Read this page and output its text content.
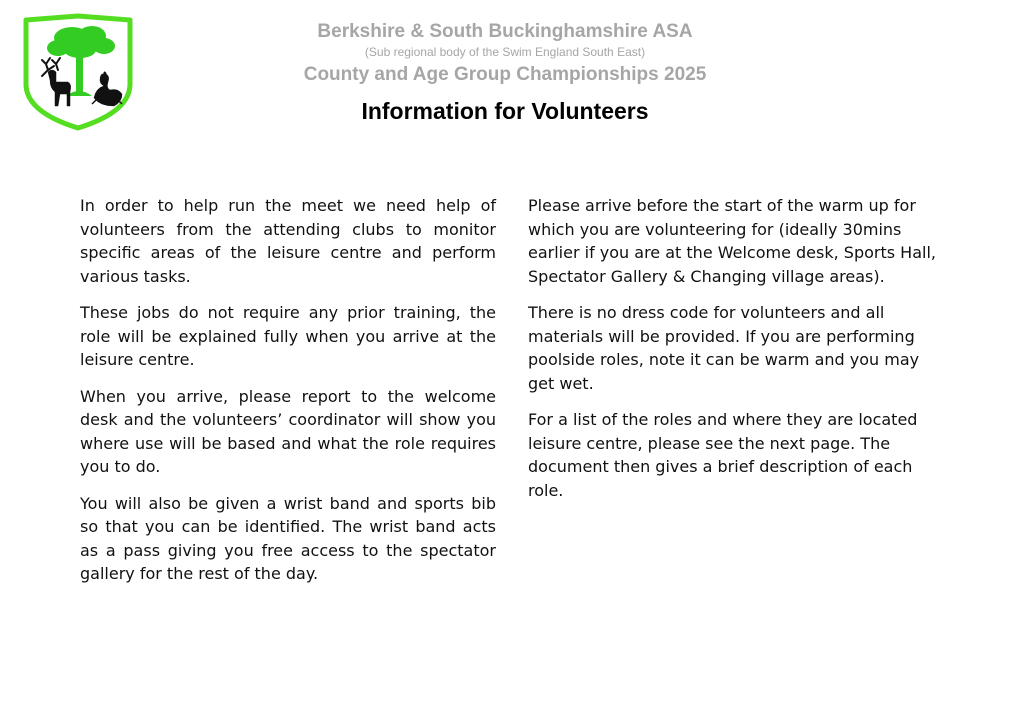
Berkshire & South Buckinghamshire ASA
(Sub regional body of the Swim England South East)
County and Age Group Championships 2025
Information for Volunteers

In order to help run the meet we need help of volunteers from the attending clubs to monitor specific areas of the leisure centre and perform various tasks.

These jobs do not require any prior training, the role will be explained fully when you arrive at the leisure centre.

When you arrive, please report to the welcome desk and the volunteers’ coordinator will show you where use will be based and what the role requires you to do.

You will also be given a wrist band and sports bib so that you can be identified. The wrist band acts as a pass giving you free access to the spectator gallery for the rest of the day.

Please arrive before the start of the warm up for which you are volunteering for (ideally 30mins earlier if you are at the Welcome desk, Sports Hall, Spectator Gallery & Changing village areas).

There is no dress code for volunteers and all materials will be provided. If you are performing poolside roles, note it can be warm and you may get wet.

For a list of the roles and where they are located leisure centre, please see the next page. The document then gives a brief description of each role.
